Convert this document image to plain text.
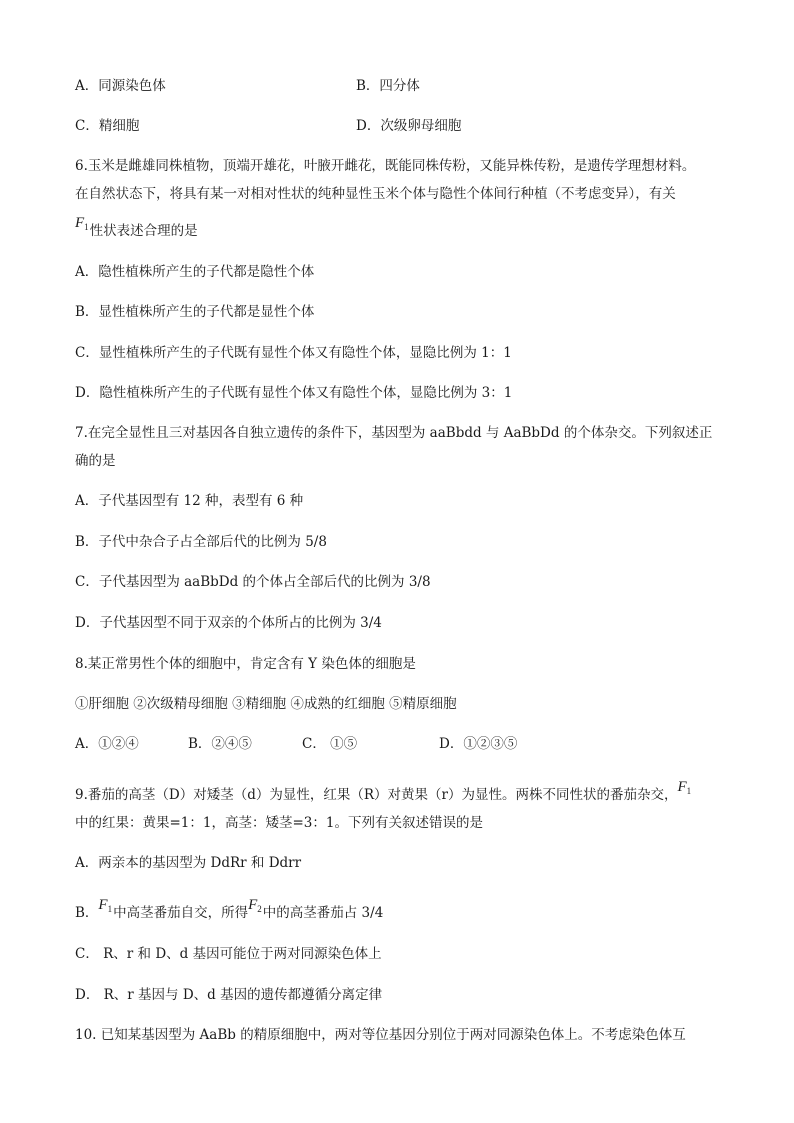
A．同源染色体	B．四分体
C．精细胞	D．次级卵母细胞
6.玉米是雌雄同株植物，顶端开雄花，叶腋开雌花，既能同株传粉，又能异株传粉，是遗传学理想材料。
在自然状态下，将具有某一对相对性状的纯种显性玉米个体与隐性个体间行种植（不考虑变异），有关
$F_1$性状表述合理的是
A．隐性植株所产生的子代都是隐性个体
B．显性植株所产生的子代都是显性个体
C．显性植株所产生的子代既有显性个体又有隐性个体，显隐比例为 1：1
D．隐性植株所产生的子代既有显性个体又有隐性个体，显隐比例为 3：1
7.在完全显性且三对基因各自独立遗传的条件下，基因型为 aaBbdd 与 AaBbDd 的个体杂交。下列叙述正
确的是
A．子代基因型有 12 种，表型有 6 种
B．子代中杂合子占全部后代的比例为 5/8
C．子代基因型为 aaBbDd 的个体占全部后代的比例为 3/8
D．子代基因型不同于双亲的个体所占的比例为 3/4
8.某正常男性个体的细胞中，肯定含有 Y 染色体的细胞是
①肝细胞 ②次级精母细胞 ③精细胞 ④成熟的红细胞 ⑤精原细胞
A．①②④	B．②④⑤	C． ①⑤	D．①②③⑤
9.番茄的高茎（D）对矮茎（d）为显性，红果（R）对黄果（r）为显性。两株不同性状的番茄杂交，$F_1$
中的红果：黄果=1：1，高茎：矮茎=3：1。下列有关叙述错误的是
A．两亲本的基因型为 DdRr 和 Ddrr
B．$F_1$中高茎番茄自交，所得$F_2$中的高茎番茄占 3/4
C． R、r 和 D、d 基因可能位于两对同源染色体上
D． R、r 基因与 D、d 基因的遗传都遵循分离定律
10. 已知某基因型为 AaBb 的精原细胞中，两对等位基因分别位于两对同源染色体上。不考虑染色体互
